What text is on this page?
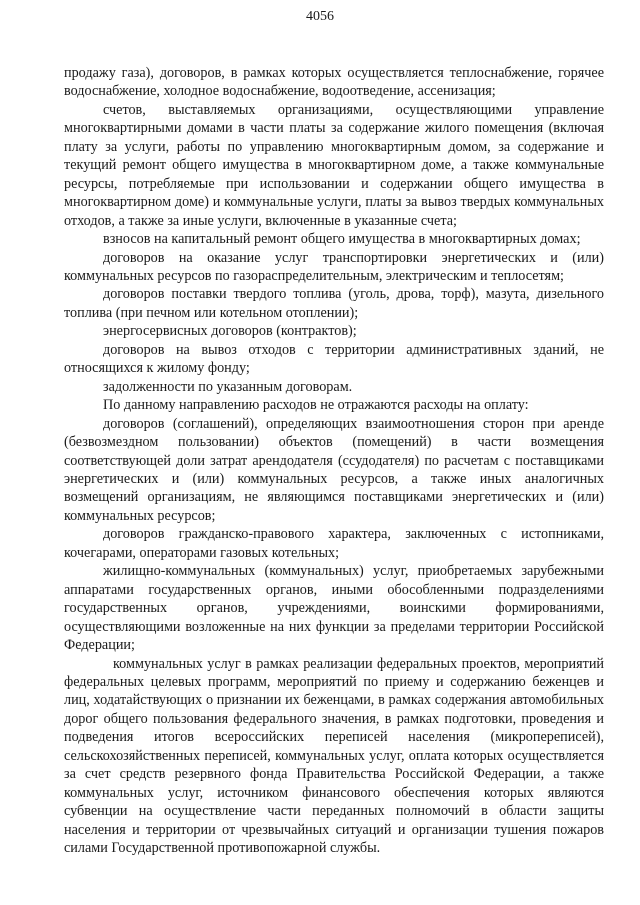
4056

продажу газа), договоров, в рамках которых осуществляется теплоснабжение, горячее водоснабжение, холодное водоснабжение, водоотведение, ассенизация;

счетов, выставляемых организациями, осуществляющими управление многоквартирными домами в части платы за содержание жилого помещения (включая плату за услуги, работы по управлению многоквартирным домом, за содержание и текущий ремонт общего имущества в многоквартирном доме, а также коммунальные ресурсы, потребляемые при использовании и содержании общего имущества в многоквартирном доме) и коммунальные услуги, платы за вывоз твердых коммунальных отходов, а также за иные услуги, включенные в указанные счета;

взносов на капитальный ремонт общего имущества в многоквартирных домах;

договоров на оказание услуг транспортировки энергетических и (или) коммунальных ресурсов по газораспределительным, электрическим и теплосетям;

договоров поставки твердого топлива (уголь, дрова, торф), мазута, дизельного топлива (при печном или котельном отоплении);

энергосервисных договоров (контрактов);

договоров на вывоз отходов с территории административных зданий, не относящихся к жилому фонду;

задолженности по указанным договорам.

По данному направлению расходов не отражаются расходы на оплату:

договоров (соглашений), определяющих взаимоотношения сторон при аренде (безвозмездном пользовании) объектов (помещений) в части возмещения соответствующей доли затрат арендодателя (ссудодателя) по расчетам с поставщиками энергетических и (или) коммунальных ресурсов, а также иных аналогичных возмещений организациям, не являющимся поставщиками энергетических и (или) коммунальных ресурсов;

договоров гражданско-правового характера, заключенных с истопниками, кочегарами, операторами газовых котельных;

жилищно-коммунальных (коммунальных) услуг, приобретаемых зарубежными аппаратами государственных органов, иными обособленными подразделениями государственных органов, учреждениями, воинскими формированиями, осуществляющими возложенные на них функции за пределами территории Российской Федерации;

коммунальных услуг в рамках реализации федеральных проектов, мероприятий федеральных целевых программ, мероприятий по приему и содержанию беженцев и лиц, ходатайствующих о признании их беженцами, в рамках содержания автомобильных дорог общего пользования федерального значения, в рамках подготовки, проведения и подведения итогов всероссийских переписей населения (микропереписей), сельскохозяйственных переписей, коммунальных услуг, оплата которых осуществляется за счет средств резервного фонда Правительства Российской Федерации, а также коммунальных услуг, источником финансового обеспечения которых являются субвенции на осуществление части переданных полномочий в области защиты населения и территории от чрезвычайных ситуаций и организации тушения пожаров силами Государственной противопожарной службы.
